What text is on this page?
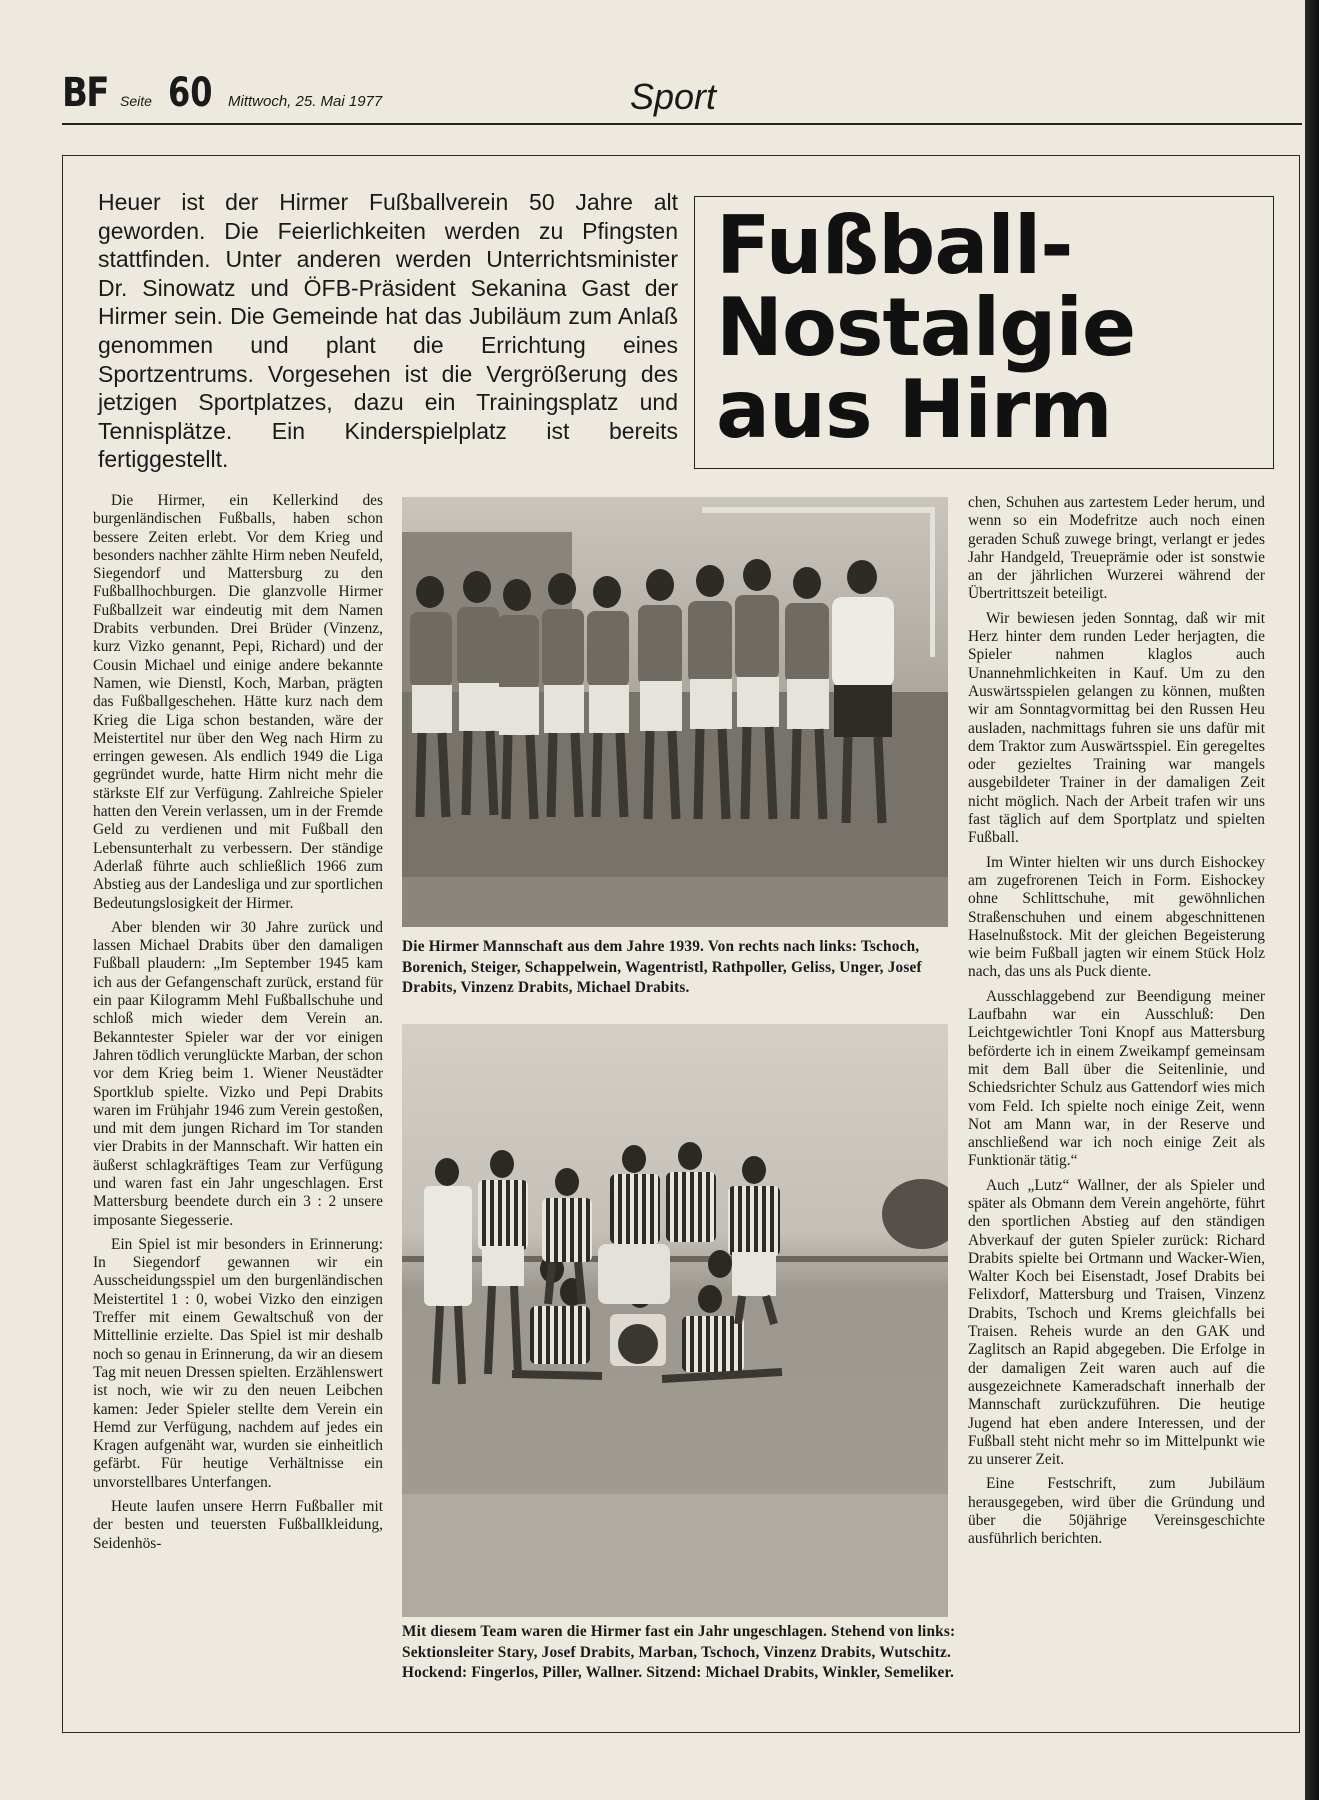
BF Seite 60 Mittwoch, 25. Mai 1977	Sport
Heuer ist der Hirmer Fußballverein 50 Jahre alt geworden. Die Feierlichkeiten werden zu Pfingsten stattfinden. Unter anderen werden Unterrichtsminister Dr. Sinowatz und ÖFB-Präsident Sekanina Gast der Hirmer sein. Die Gemeinde hat das Jubiläum zum Anlaß genommen und plant die Errichtung eines Sportzentrums. Vorgesehen ist die Vergrößerung des jetzigen Sportplatzes, dazu ein Trainingsplatz und Tennisplätze. Ein Kinderspielplatz ist bereits fertiggestellt.
Fußball-
Nostalgie
aus Hirm

Die Hirmer, ein Kellerkind des burgenländischen Fußballs, haben schon bessere Zeiten erlebt. Vor dem Krieg und besonders nachher zählte Hirm neben Neufeld, Siegendorf und Mattersburg zu den Fußballhochburgen. Die glanzvolle Hirmer Fußballzeit war eindeutig mit dem Namen Drabits verbunden. Drei Brüder (Vinzenz, kurz Vizko genannt, Pepi, Richard) und der Cousin Michael und einige andere bekannte Namen, wie Dienstl, Koch, Marban, prägten das Fußballgeschehen. Hätte kurz nach dem Krieg die Liga schon bestanden, wäre der Meistertitel nur über den Weg nach Hirm zu erringen gewesen. Als endlich 1949 die Liga gegründet wurde, hatte Hirm nicht mehr die stärkste Elf zur Verfügung. Zahlreiche Spieler hatten den Verein verlassen, um in der Fremde Geld zu verdienen und mit Fußball den Lebensunterhalt zu verbessern. Der ständige Aderlaß führte auch schließlich 1966 zum Abstieg aus der Landesliga und zur sportlichen Bedeutungslosigkeit der Hirmer.

Aber blenden wir 30 Jahre zurück und lassen Michael Drabits über den damaligen Fußball plaudern: „Im September 1945 kam ich aus der Gefangenschaft zurück, erstand für ein paar Kilogramm Mehl Fußballschuhe und schloß mich wieder dem Verein an. Bekanntester Spieler war der vor einigen Jahren tödlich verunglückte Marban, der schon vor dem Krieg beim 1. Wiener Neustädter Sportklub spielte. Vizko und Pepi Drabits waren im Frühjahr 1946 zum Verein gestoßen, und mit dem jungen Richard im Tor standen vier Drabits in der Mannschaft. Wir hatten ein äußerst schlagkräftiges Team zur Verfügung und waren fast ein Jahr ungeschlagen. Erst Mattersburg beendete durch ein 3 : 2 unsere imposante Siegesserie.

Ein Spiel ist mir besonders in Erinnerung: In Siegendorf gewannen wir ein Ausscheidungsspiel um den burgenländischen Meistertitel 1 : 0, wobei Vizko den einzigen Treffer mit einem Gewaltschuß von der Mittellinie erzielte. Das Spiel ist mir deshalb noch so genau in Erinnerung, da wir an diesem Tag mit neuen Dressen spielten. Erzählenswert ist noch, wie wir zu den neuen Leibchen kamen: Jeder Spieler stellte dem Verein ein Hemd zur Verfügung, nachdem auf jedes ein Kragen aufgenäht war, wurden sie einheitlich gefärbt. Für heutige Verhältnisse ein unvorstellbares Unterfangen.

Heute laufen unsere Herrn Fußballer mit der besten und teuersten Fußballkleidung, Seidenhös-

Die Hirmer Mannschaft aus dem Jahre 1939. Von rechts nach links: Tschoch, Borenich, Steiger, Schappelwein, Wagentristl, Rathpoller, Geliss, Unger, Josef Drabits, Vinzenz Drabits, Michael Drabits.
Mit diesem Team waren die Hirmer fast ein Jahr ungeschlagen. Stehend von links: Sektionsleiter Stary, Josef Drabits, Marban, Tschoch, Vinzenz Drabits, Wutschitz. Hockend: Fingerlos, Piller, Wallner. Sitzend: Michael Drabits, Winkler, Semeliker.

chen, Schuhen aus zartestem Leder herum, und wenn so ein Modefritze auch noch einen geraden Schuß zuwege bringt, verlangt er jedes Jahr Handgeld, Treueprämie oder ist sonstwie an der jährlichen Wurzerei während der Übertrittszeit beteiligt.

Wir bewiesen jeden Sonntag, daß wir mit Herz hinter dem runden Leder herjagten, die Spieler nahmen klaglos auch Unannehmlichkeiten in Kauf. Um zu den Auswärtsspielen gelangen zu können, mußten wir am Sonntagvormittag bei den Russen Heu ausladen, nachmittags fuhren sie uns dafür mit dem Traktor zum Auswärtsspiel. Ein geregeltes oder gezieltes Training war mangels ausgebildeter Trainer in der damaligen Zeit nicht möglich. Nach der Arbeit trafen wir uns fast täglich auf dem Sportplatz und spielten Fußball.

Im Winter hielten wir uns durch Eishockey am zugefrorenen Teich in Form. Eishockey ohne Schlittschuhe, mit gewöhnlichen Straßenschuhen und einem abgeschnittenen Haselnußstock. Mit der gleichen Begeisterung wie beim Fußball jagten wir einem Stück Holz nach, das uns als Puck diente.

Ausschlaggebend zur Beendigung meiner Laufbahn war ein Ausschluß: Den Leichtgewichtler Toni Knopf aus Mattersburg beförderte ich in einem Zweikampf gemeinsam mit dem Ball über die Seitenlinie, und Schiedsrichter Schulz aus Gattendorf wies mich vom Feld. Ich spielte noch einige Zeit, wenn Not am Mann war, in der Reserve und anschließend war ich noch einige Zeit als Funktionär tätig.“

Auch „Lutz“ Wallner, der als Spieler und später als Obmann dem Verein angehörte, führt den sportlichen Abstieg auf den ständigen Abverkauf der guten Spieler zurück: Richard Drabits spielte bei Ortmann und Wacker-Wien, Walter Koch bei Eisenstadt, Josef Drabits bei Felixdorf, Mattersburg und Traisen, Vinzenz Drabits, Tschoch und Krems gleichfalls bei Traisen. Reheis wurde an den GAK und Zaglitsch an Rapid abgegeben. Die Erfolge in der damaligen Zeit waren auch auf die ausgezeichnete Kameradschaft innerhalb der Mannschaft zurückzuführen. Die heutige Jugend hat eben andere Interessen, und der Fußball steht nicht mehr so im Mittelpunkt wie zu unserer Zeit.

Eine Festschrift, zum Jubiläum herausgegeben, wird über die Gründung und über die 50jährige Vereinsgeschichte ausführlich berichten.
